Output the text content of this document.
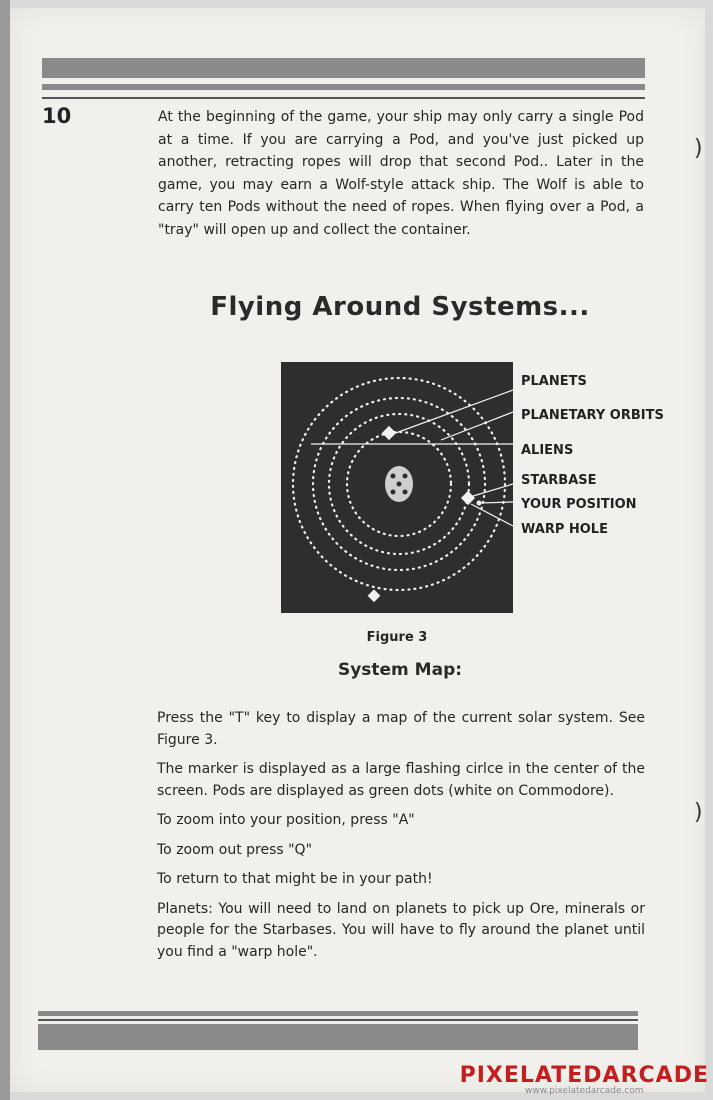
10	At the beginning of the game, your ship may only carry a single Pod at a time. If you are carrying a Pod, and you've just picked up another, retracting ropes will drop that second Pod.. Later in the game, you may earn a Wolf-style attack ship. The Wolf is able to carry ten Pods without the need of ropes. When flying over a Pod, a "tray" will open up and collect the container.
Flying Around Systems...
PLANETS
PLANETARY ORBITS
ALIENS
STARBASE
YOUR POSITION
WARP HOLE
Figure 3
System Map:

Press the "T" key to display a map of the current solar system. See Figure 3.

The marker is displayed as a large flashing cirlce in the center of the screen. Pods are displayed as green dots (white on Commodore).

To zoom into your position, press "A"

To zoom out press "Q"

To return to that might be in your path!

Planets: You will need to land on planets to pick up Ore, minerals or people for the Starbases. You will have to fly around the planet until you find a "warp hole".

)
)
PIXELATEDARCADE
www.pixelatedarcade.com
